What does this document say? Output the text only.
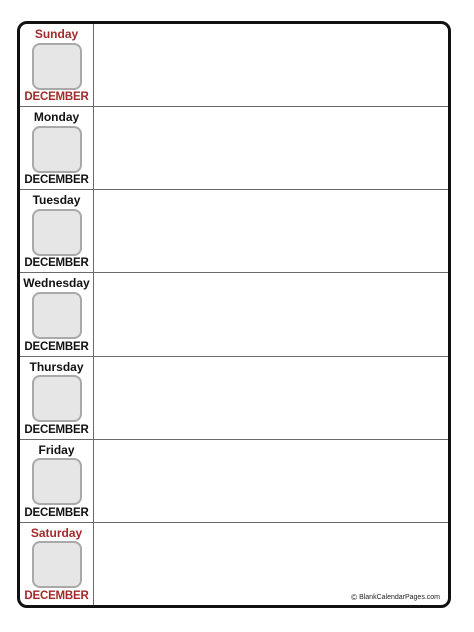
Sunday
DECEMBER
Monday
DECEMBER
Tuesday
DECEMBER
Wednesday
DECEMBER
Thursday
DECEMBER
Friday
DECEMBER
Saturday
DECEMBER	© BlankCalendarPages.com
